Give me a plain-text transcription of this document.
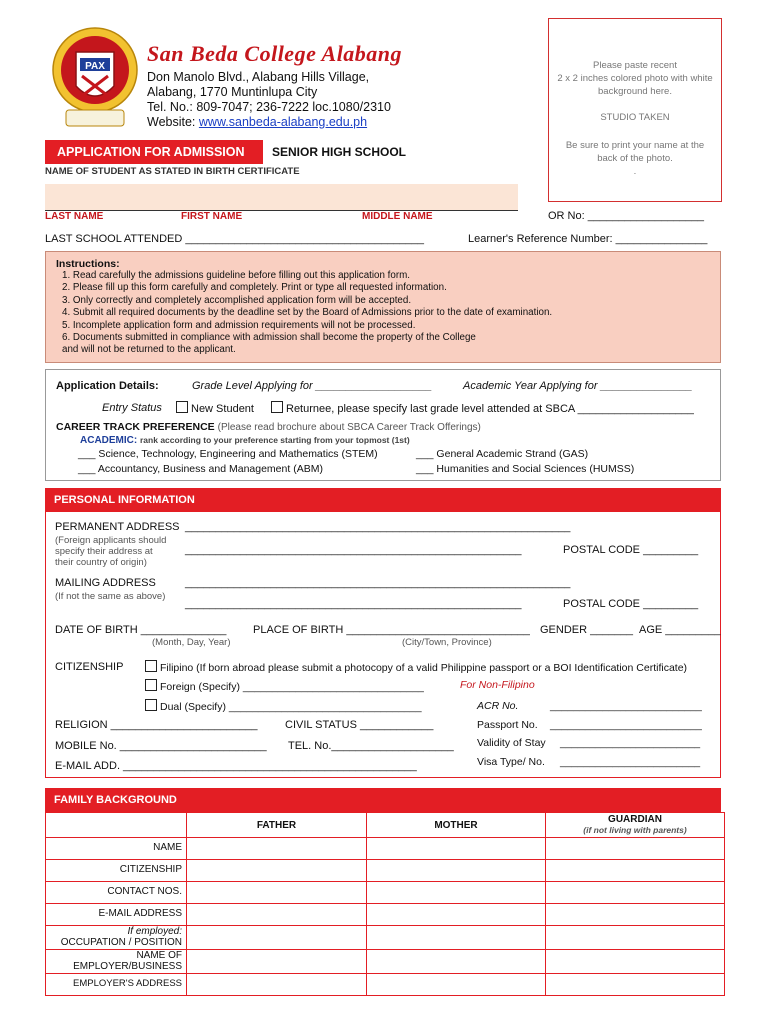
PAX
San Beda College Alabang
Don Manolo Blvd., Alabang Hills Village,
Alabang, 1770 Muntinlupa City
Tel. No.: 809-7047; 236-7222 loc.1080/2310
Website: www.sanbeda-alabang.edu.ph
Please paste recent
2 x 2 inches colored photo with white
background here.
STUDIO TAKEN
Be sure to print your name at the
back of the photo.
.
APPLICATION FOR ADMISSION	SENIOR HIGH SCHOOL
NAME OF STUDENT AS STATED IN BIRTH CERTIFICATE
LAST NAME	FIRST NAME	MIDDLE NAME	OR No: ___________________
LAST SCHOOL ATTENDED _______________________________________	Learner's Reference Number: _______________
Instructions:
1. Read carefully the admissions guideline before filling out this application form.
2. Please fill up this form carefully and completely. Print or type all requested information.
3. Only correctly and completely accomplished application form will be accepted.
4. Submit all required documents by the deadline set by the Board of Admissions prior to the date of examination.
5. Incomplete application form and admission requirements will not be processed.
6. Documents submitted in compliance with admission shall become the property of the College
and will not be returned to the applicant.
Application Details:	Grade Level Applying for ___________________	Academic Year Applying for _______________
Entry Status	New Student	Returnee, please specify last grade level attended at SBCA ___________________
CAREER TRACK PREFERENCE (Please read brochure about SBCA Career Track Offerings)
ACADEMIC: rank according to your preference starting from your topmost (1st)
___ Science, Technology, Engineering and Mathematics (STEM)	___ General Academic Strand (GAS)
___ Accountancy, Business and Management (ABM)	___ Humanities and Social Sciences (HUMSS)
PERSONAL INFORMATION
PERMANENT ADDRESS _______________________________________________________________
(Foreign applicants should
specify their address at
their country of origin)
_______________________________________________________	POSTAL CODE _________
MAILING ADDRESS	_______________________________________________________________
(If not the same as above)
_______________________________________________________	POSTAL CODE _________
DATE OF BIRTH ______________
(Month, Day, Year)
PLACE OF BIRTH ______________________________
(City/Town, Province)
GENDER _______ AGE _________
CITIZENSHIP	Filipino (If born abroad please submit a photocopy of a valid Philippine passport or a BOI Identification Certificate)
Foreign (Specify) _______________________________	For Non-Filipino
Dual (Specify) _________________________________	ACR No.	__________________________
RELIGION ________________________	CIVIL STATUS ____________	Passport No. __________________________
MOBILE No. ________________________ TEL. No.____________________ Validity of Stay ________________________
E-MAIL ADD. ________________________________________________	Visa Type/ No. ________________________
FAMILY BACKGROUND
	FATHER	MOTHER	GUARDIAN
(if not living with parents)

NAME			
CITIZENSHIP			
CONTACT NOS.			
E-MAIL ADDRESS			

If employed:
OCCUPATION / POSITION			

NAME OF
EMPLOYER/BUSINESS			

EMPLOYER'S ADDRESS			
